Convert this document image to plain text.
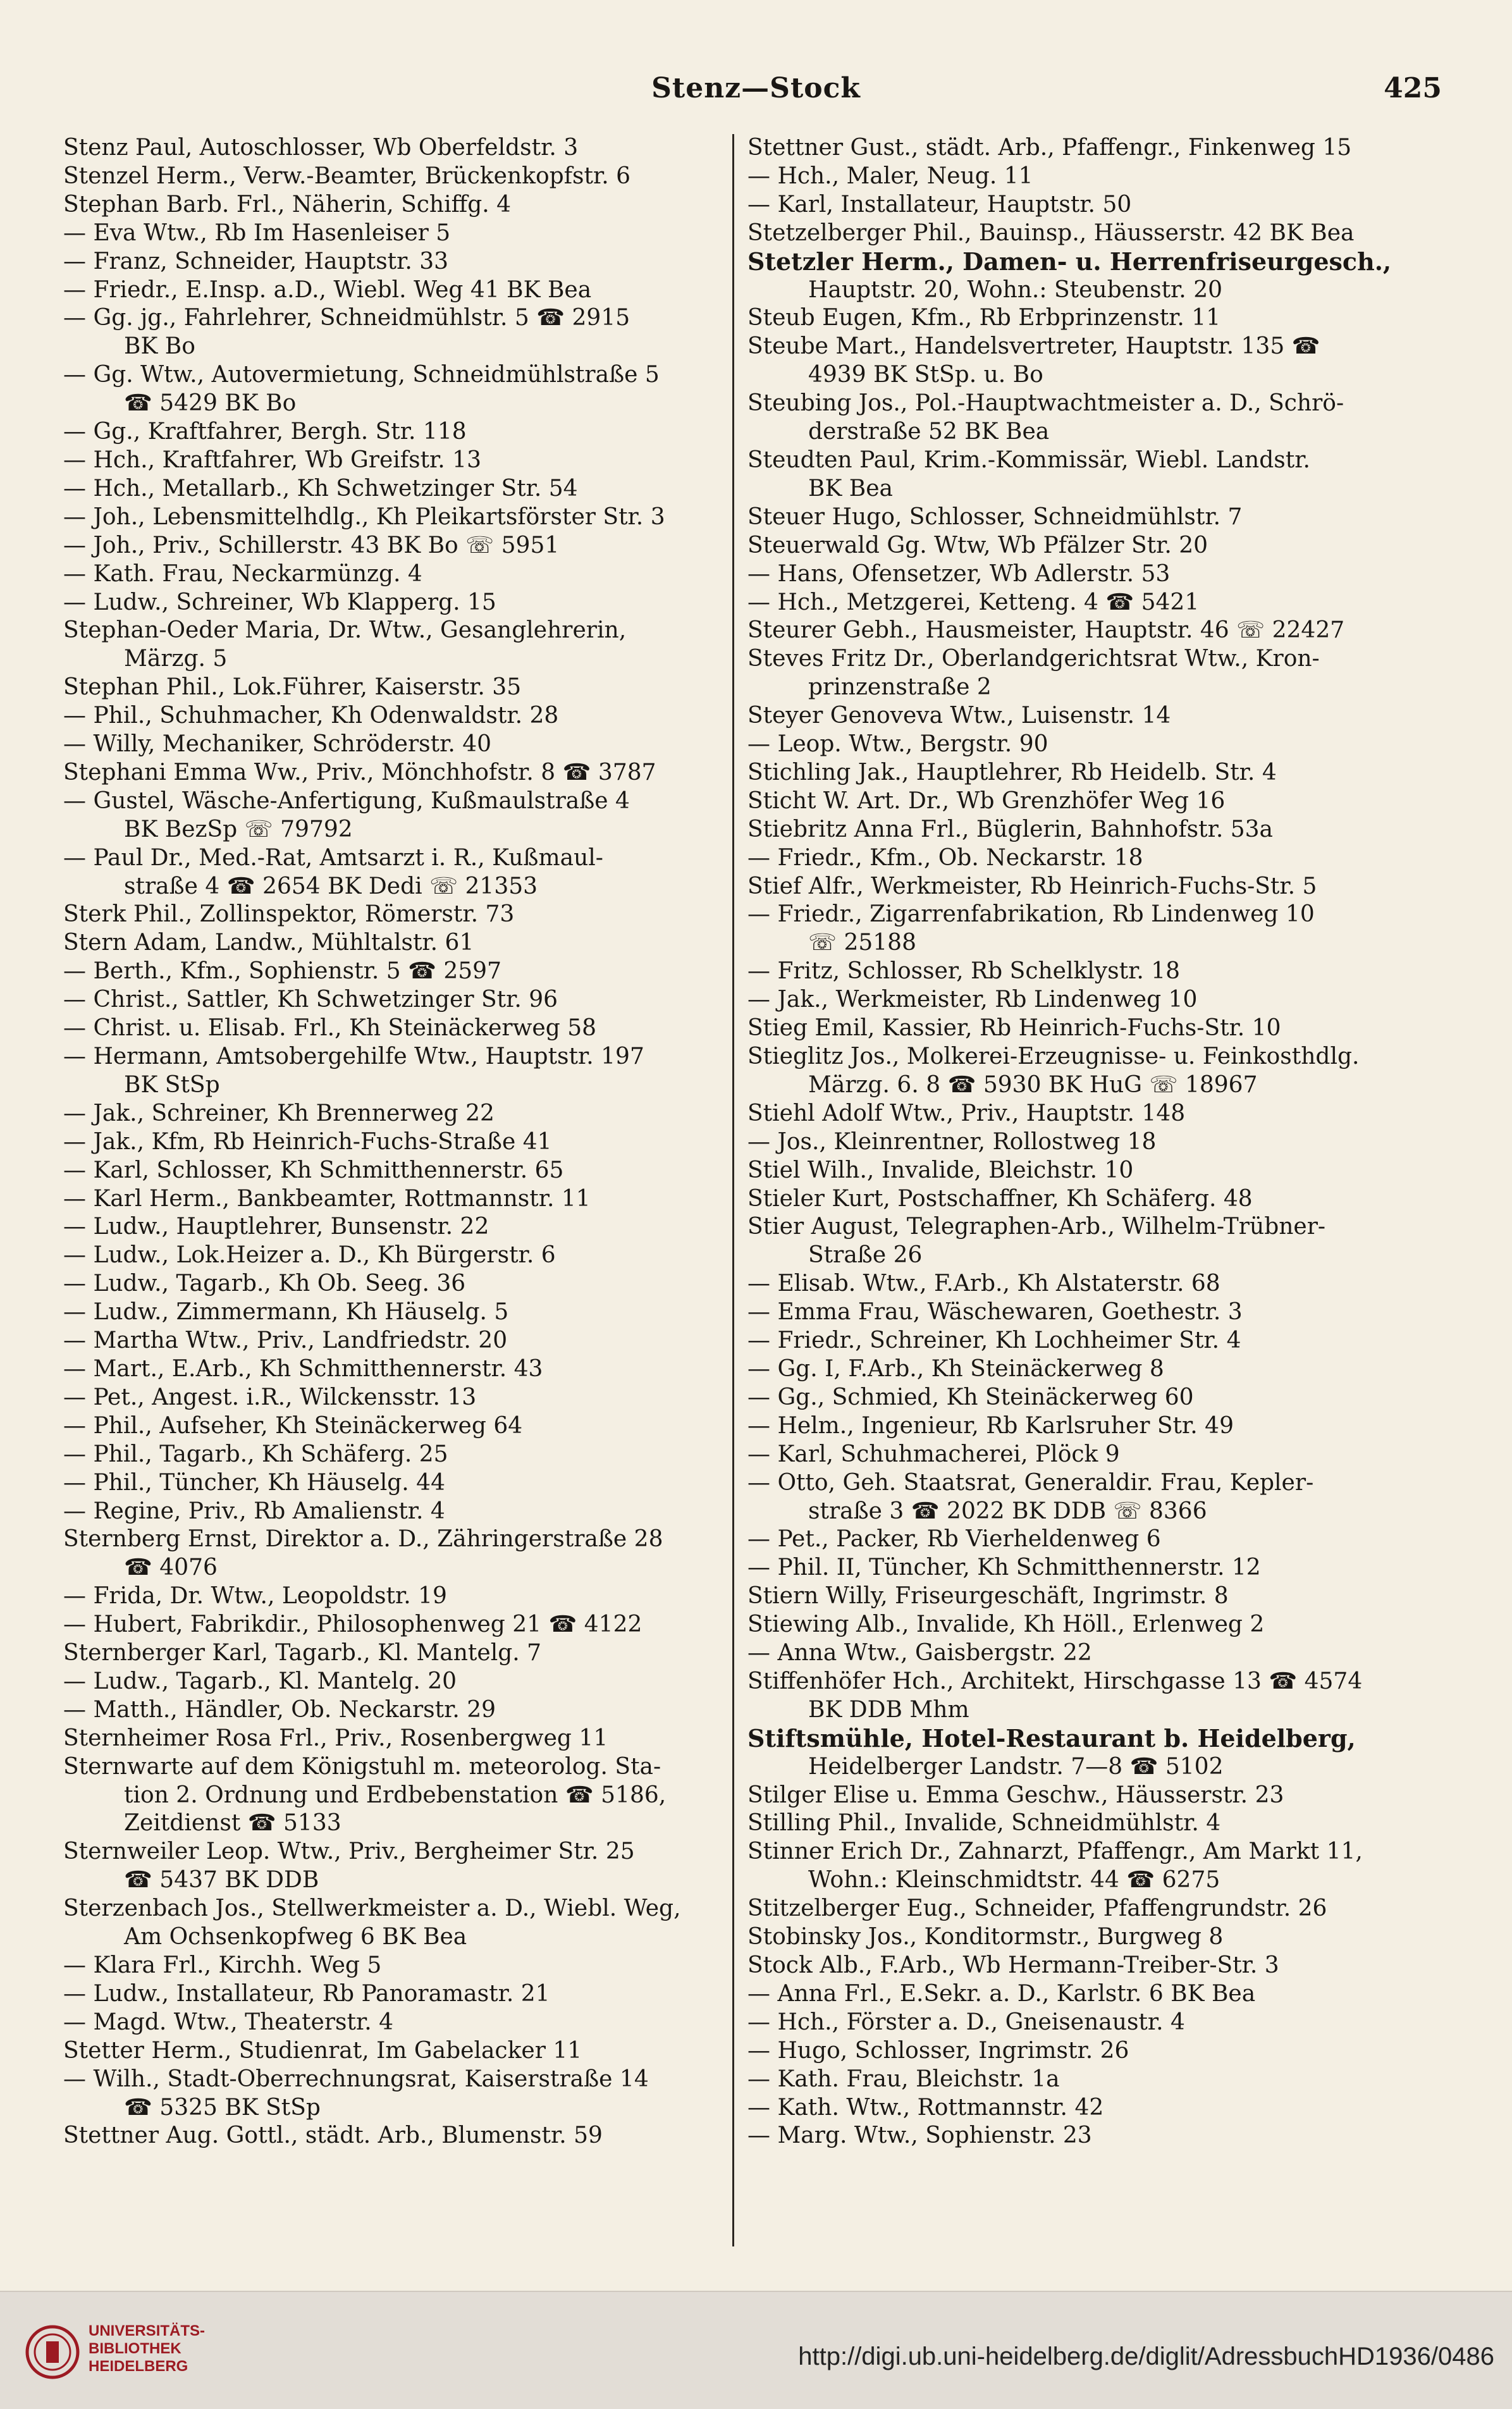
Stenz—Stock	425

Stenz Paul, Autoschlosser, Wb Oberfeldstr. 3

Stenzel Herm., Verw.-Beamter, Brückenkopfstr. 6

Stephan Barb. Frl., Näherin, Schiffg. 4

— Eva Wtw., Rb Im Hasenleiser 5

— Franz, Schneider, Hauptstr. 33

— Friedr., E.Insp. a.D., Wiebl. Weg 41 BK Bea

— Gg. jg., Fahrlehrer, Schneidmühlstr. 5 ☎ 2915

BK Bo

— Gg. Wtw., Autovermietung, Schneidmühlstraße 5

☎ 5429 BK Bo

— Gg., Kraftfahrer, Bergh. Str. 118

— Hch., Kraftfahrer, Wb Greifstr. 13

— Hch., Metallarb., Kh Schwetzinger Str. 54

— Joh., Lebensmittelhdlg., Kh Pleikartsförster Str. 3

— Joh., Priv., Schillerstr. 43 BK Bo ☏ 5951

— Kath. Frau, Neckarmünzg. 4

— Ludw., Schreiner, Wb Klapperg. 15

Stephan-Oeder Maria, Dr. Wtw., Gesanglehrerin,

Märzg. 5

Stephan Phil., Lok.Führer, Kaiserstr. 35

— Phil., Schuhmacher, Kh Odenwaldstr. 28

— Willy, Mechaniker, Schröderstr. 40

Stephani Emma Ww., Priv., Mönchhofstr. 8 ☎ 3787

— Gustel, Wäsche-Anfertigung, Kußmaulstraße 4

BK BezSp ☏ 79792

— Paul Dr., Med.-Rat, Amtsarzt i. R., Kußmaul-

straße 4 ☎ 2654 BK Dedi ☏ 21353

Sterk Phil., Zollinspektor, Römerstr. 73

Stern Adam, Landw., Mühltalstr. 61

— Berth., Kfm., Sophienstr. 5 ☎ 2597

— Christ., Sattler, Kh Schwetzinger Str. 96

— Christ. u. Elisab. Frl., Kh Steinäckerweg 58

— Hermann, Amtsobergehilfe Wtw., Hauptstr. 197

BK StSp

— Jak., Schreiner, Kh Brennerweg 22

— Jak., Kfm, Rb Heinrich-Fuchs-Straße 41

— Karl, Schlosser, Kh Schmitthennerstr. 65

— Karl Herm., Bankbeamter, Rottmannstr. 11

— Ludw., Hauptlehrer, Bunsenstr. 22

— Ludw., Lok.Heizer a. D., Kh Bürgerstr. 6

— Ludw., Tagarb., Kh Ob. Seeg. 36

— Ludw., Zimmermann, Kh Häuselg. 5

— Martha Wtw., Priv., Landfriedstr. 20

— Mart., E.Arb., Kh Schmitthennerstr. 43

— Pet., Angest. i.R., Wilckensstr. 13

— Phil., Aufseher, Kh Steinäckerweg 64

— Phil., Tagarb., Kh Schäferg. 25

— Phil., Tüncher, Kh Häuselg. 44

— Regine, Priv., Rb Amalienstr. 4

Sternberg Ernst, Direktor a. D., Zähringerstraße 28

☎ 4076

— Frida, Dr. Wtw., Leopoldstr. 19

— Hubert, Fabrikdir., Philosophenweg 21 ☎ 4122

Sternberger Karl, Tagarb., Kl. Mantelg. 7

— Ludw., Tagarb., Kl. Mantelg. 20

— Matth., Händler, Ob. Neckarstr. 29

Sternheimer Rosa Frl., Priv., Rosenbergweg 11

Sternwarte auf dem Königstuhl m. meteorolog. Sta-

tion 2. Ordnung und Erdbebenstation ☎ 5186,

Zeitdienst ☎ 5133

Sternweiler Leop. Wtw., Priv., Bergheimer Str. 25

☎ 5437 BK DDB

Sterzenbach Jos., Stellwerkmeister a. D., Wiebl. Weg,

Am Ochsenkopfweg 6 BK Bea

— Klara Frl., Kirchh. Weg 5

— Ludw., Installateur, Rb Panoramastr. 21

— Magd. Wtw., Theaterstr. 4

Stetter Herm., Studienrat, Im Gabelacker 11

— Wilh., Stadt-Oberrechnungsrat, Kaiserstraße 14

☎ 5325 BK StSp

Stettner Aug. Gottl., städt. Arb., Blumenstr. 59

Stettner Gust., städt. Arb., Pfaffengr., Finkenweg 15

— Hch., Maler, Neug. 11

— Karl, Installateur, Hauptstr. 50

Stetzelberger Phil., Bauinsp., Häusserstr. 42 BK Bea

Stetzler Herm., Damen- u. Herrenfriseurgesch.,

Hauptstr. 20, Wohn.: Steubenstr. 20

Steub Eugen, Kfm., Rb Erbprinzenstr. 11

Steube Mart., Handelsvertreter, Hauptstr. 135 ☎

4939 BK StSp. u. Bo

Steubing Jos., Pol.-Hauptwachtmeister a. D., Schrö-

derstraße 52 BK Bea

Steudten Paul, Krim.-Kommissär, Wiebl. Landstr.

BK Bea

Steuer Hugo, Schlosser, Schneidmühlstr. 7

Steuerwald Gg. Wtw, Wb Pfälzer Str. 20

— Hans, Ofensetzer, Wb Adlerstr. 53

— Hch., Metzgerei, Ketteng. 4 ☎ 5421

Steurer Gebh., Hausmeister, Hauptstr. 46 ☏ 22427

Steves Fritz Dr., Oberlandgerichtsrat Wtw., Kron-

prinzenstraße 2

Steyer Genoveva Wtw., Luisenstr. 14

— Leop. Wtw., Bergstr. 90

Stichling Jak., Hauptlehrer, Rb Heidelb. Str. 4

Sticht W. Art. Dr., Wb Grenzhöfer Weg 16

Stiebritz Anna Frl., Büglerin, Bahnhofstr. 53a

— Friedr., Kfm., Ob. Neckarstr. 18

Stief Alfr., Werkmeister, Rb Heinrich-Fuchs-Str. 5

— Friedr., Zigarrenfabrikation, Rb Lindenweg 10

☏ 25188

— Fritz, Schlosser, Rb Schelklystr. 18

— Jak., Werkmeister, Rb Lindenweg 10

Stieg Emil, Kassier, Rb Heinrich-Fuchs-Str. 10

Stieglitz Jos., Molkerei-Erzeugnisse- u. Feinkosthdlg.

Märzg. 6. 8 ☎ 5930 BK HuG ☏ 18967

Stiehl Adolf Wtw., Priv., Hauptstr. 148

— Jos., Kleinrentner, Rollostweg 18

Stiel Wilh., Invalide, Bleichstr. 10

Stieler Kurt, Postschaffner, Kh Schäferg. 48

Stier August, Telegraphen-Arb., Wilhelm-Trübner-

Straße 26

— Elisab. Wtw., F.Arb., Kh Alstaterstr. 68

— Emma Frau, Wäschewaren, Goethestr. 3

— Friedr., Schreiner, Kh Lochheimer Str. 4

— Gg. I, F.Arb., Kh Steinäckerweg 8

— Gg., Schmied, Kh Steinäckerweg 60

— Helm., Ingenieur, Rb Karlsruher Str. 49

— Karl, Schuhmacherei, Plöck 9

— Otto, Geh. Staatsrat, Generaldir. Frau, Kepler-

straße 3 ☎ 2022 BK DDB ☏ 8366

— Pet., Packer, Rb Vierheldenweg 6

— Phil. II, Tüncher, Kh Schmitthennerstr. 12

Stiern Willy, Friseurgeschäft, Ingrimstr. 8

Stiewing Alb., Invalide, Kh Höll., Erlenweg 2

— Anna Wtw., Gaisbergstr. 22

Stiffenhöfer Hch., Architekt, Hirschgasse 13 ☎ 4574

BK DDB Mhm

Stiftsmühle, Hotel-Restaurant b. Heidelberg,

Heidelberger Landstr. 7—8 ☎ 5102

Stilger Elise u. Emma Geschw., Häusserstr. 23

Stilling Phil., Invalide, Schneidmühlstr. 4

Stinner Erich Dr., Zahnarzt, Pfaffengr., Am Markt 11,

Wohn.: Kleinschmidtstr. 44 ☎ 6275

Stitzelberger Eug., Schneider, Pfaffengrundstr. 26

Stobinsky Jos., Konditormstr., Burgweg 8

Stock Alb., F.Arb., Wb Hermann-Treiber-Str. 3

— Anna Frl., E.Sekr. a. D., Karlstr. 6 BK Bea

— Hch., Förster a. D., Gneisenaustr. 4

— Hugo, Schlosser, Ingrimstr. 26

— Kath. Frau, Bleichstr. 1a

— Kath. Wtw., Rottmannstr. 42

— Marg. Wtw., Sophienstr. 23

UNIVERSITÄTS-
BIBLIOTHEK
HEIDELBERG	http://digi.ub.uni-heidelberg.de/diglit/AdressbuchHD1936/0486
